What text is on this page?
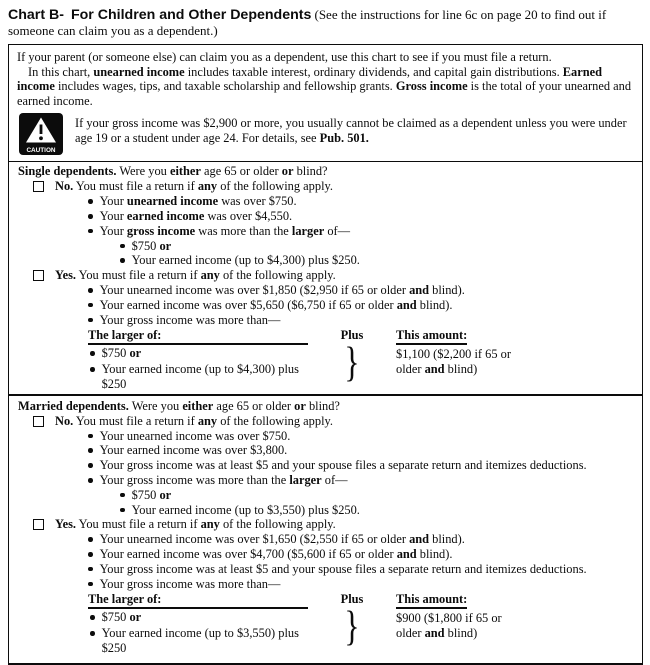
Chart B- For Children and Other Dependents (See the instructions for line 6c on page 20 to find out if someone can claim you as a dependent.)

If your parent (or someone else) can claim you as a dependent, use this chart to see if you must file a return.

In this chart, unearned income includes taxable interest, ordinary dividends, and capital gain distributions. Earned income includes wages, tips, and taxable scholarship and fellowship grants. Gross income is the total of your unearned and earned income.

CAUTION

If your gross income was $2,900 or more, you usually cannot be claimed as a dependent unless you were under age 19 or a student under age 24. For details, see Pub. 501.

Single dependents. Were you either age 65 or older or blind?

No. You must file a return if any of the following apply.

Your unearned income was over $750.
Your earned income was over $4,550.
Your gross income was more than the larger of—
$750 or
Your earned income (up to $4,300) plus $250.

Yes. You must file a return if any of the following apply.

Your unearned income was over $1,850 ($2,950 if 65 or older and blind).
Your earned income was over $5,650 ($6,750 if 65 or older and blind).
Your gross income was more than—
The larger of:
$750 or
Your earned income (up to $4,300) plus $250
Plus
}
This amount:
$1,100 ($2,200 if 65 or older and blind)

Married dependents. Were you either age 65 or older or blind?

No. You must file a return if any of the following apply.

Your unearned income was over $750.
Your earned income was over $3,800.
Your gross income was at least $5 and your spouse files a separate return and itemizes deductions.
Your gross income was more than the larger of—
$750 or
Your earned income (up to $3,550) plus $250.

Yes. You must file a return if any of the following apply.

Your unearned income was over $1,650 ($2,550 if 65 or older and blind).
Your earned income was over $4,700 ($5,600 if 65 or older and blind).
Your gross income was at least $5 and your spouse files a separate return and itemizes deductions.
Your gross income was more than—
The larger of:
$750 or
Your earned income (up to $3,550) plus $250
Plus
}
This amount:
$900 ($1,800 if 65 or older and blind)
